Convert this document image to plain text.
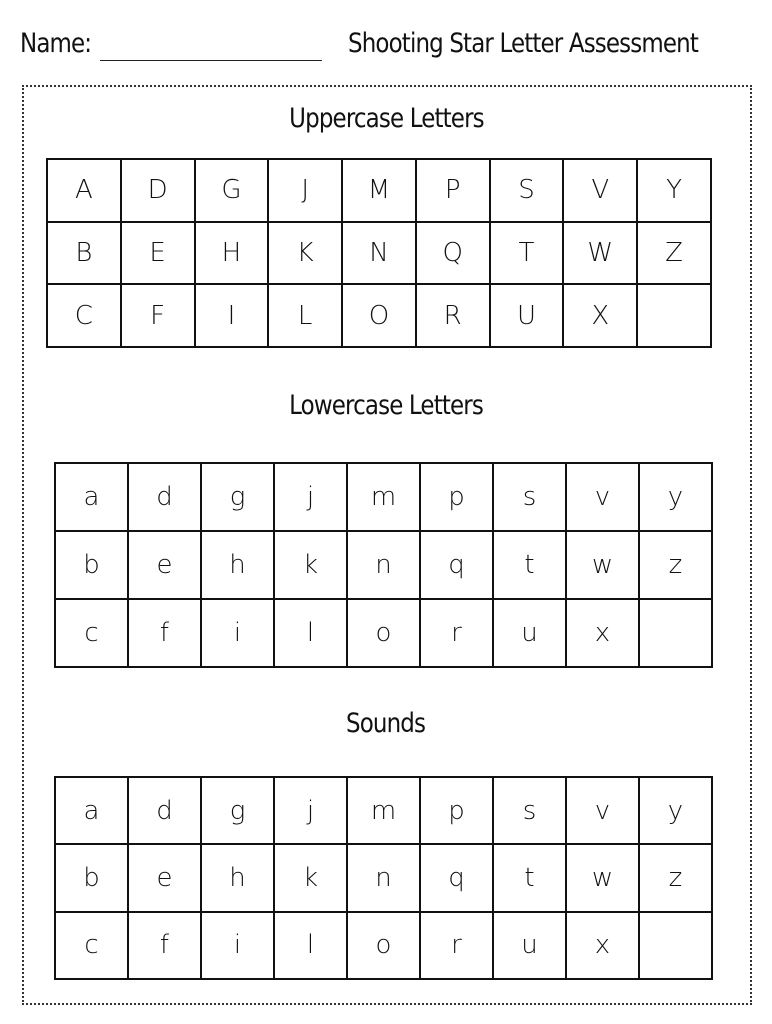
Name:	Shooting Star Letter Assessment
Uppercase Letters
A	D	G	J	M	P	S	V	Y
B	E	H	K	N	Q	T	W	Z
C	F	I	L	O	R	U	X	
Lowercase Letters
a	d	g	j	m	p	s	v	y
b	e	h	k	n	q	t	w	z
c	f	i	l	o	r	u	x	
Sounds
a	d	g	j	m	p	s	v	y
b	e	h	k	n	q	t	w	z
c	f	i	l	o	r	u	x	
